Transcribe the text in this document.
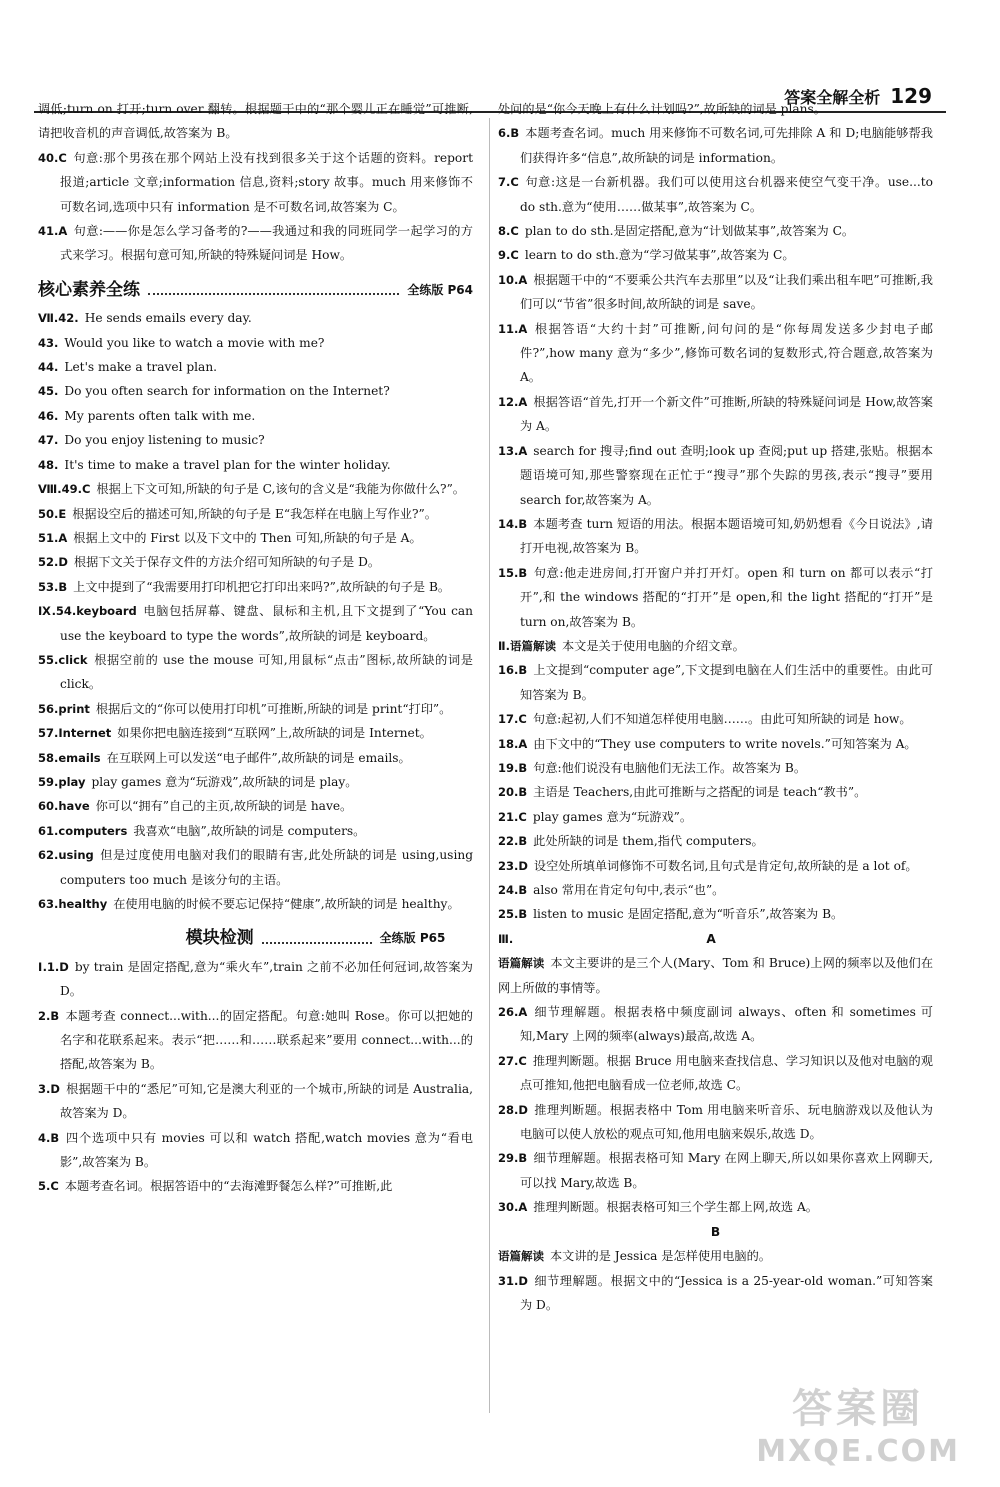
答案全解全析 129
调低;turn on 打开;turn over 翻转。根据题干中的“那个婴儿正在睡觉”可推断,请把收音机的声音调低,故答案为 B。
40.C 句意:那个男孩在那个网站上没有找到很多关于这个话题的资料。report 报道;article 文章;information 信息,资料;story 故事。much 用来修饰不可数名词,选项中只有 information 是不可数名词,故答案为 C。
41.A 句意:——你是怎么学习备考的?——我通过和我的同班同学一起学习的方式来学习。根据句意可知,所缺的特殊疑问词是 How。
核心素养全练	全练版 P64
Ⅶ.42. He sends emails every day.
43. Would you like to watch a movie with me?
44. Let's make a travel plan.
45. Do you often search for information on the Internet?
46. My parents often talk with me.
47. Do you enjoy listening to music?
48. It's time to make a travel plan for the winter holiday.
Ⅷ.49.C 根据上下文可知,所缺的句子是 C,该句的含义是“我能为你做什么?”。
50.E 根据设空后的描述可知,所缺的句子是 E“我怎样在电脑上写作业?”。
51.A 根据上文中的 First 以及下文中的 Then 可知,所缺的句子是 A。
52.D 根据下文关于保存文件的方法介绍可知所缺的句子是 D。
53.B 上文中提到了“我需要用打印机把它打印出来吗?”,故所缺的句子是 B。
Ⅸ.54.keyboard 电脑包括屏幕、键盘、鼠标和主机,且下文提到了“You can use the keyboard to type the words”,故所缺的词是 keyboard。
55.click 根据空前的 use the mouse 可知,用鼠标“点击”图标,故所缺的词是 click。
56.print 根据后文的“你可以使用打印机”可推断,所缺的词是 print“打印”。
57.Internet 如果你把电脑连接到“互联网”上,故所缺的词是 Internet。
58.emails 在互联网上可以发送“电子邮件”,故所缺的词是 emails。
59.play play games 意为“玩游戏”,故所缺的词是 play。
60.have 你可以“拥有”自己的主页,故所缺的词是 have。
61.computers 我喜欢“电脑”,故所缺的词是 computers。
62.using 但是过度使用电脑对我们的眼睛有害,此处所缺的词是 using,using computers too much 是该分句的主语。
63.healthy 在使用电脑的时候不要忘记保持“健康”,故所缺的词是 healthy。
模块检测	全练版 P65
Ⅰ.1.D by train 是固定搭配,意为“乘火车”,train 之前不必加任何冠词,故答案为 D。
2.B 本题考查 connect...with...的固定搭配。句意:她叫 Rose。你可以把她的名字和花联系起来。表示“把……和……联系起来”要用 connect...with...的搭配,故答案为 B。
3.D 根据题干中的“悉尼”可知,它是澳大利亚的一个城市,所缺的词是 Australia,故答案为 D。
4.B 四个选项中只有 movies 可以和 watch 搭配,watch movies 意为“看电影”,故答案为 B。
5.C 本题考查名词。根据答语中的“去海滩野餐怎么样?”可推断,此
处问的是“你今天晚上有什么计划吗?”,故所缺的词是 plans。
6.B 本题考查名词。much 用来修饰不可数名词,可先排除 A 和 D;电脑能够帮我们获得许多“信息”,故所缺的词是 information。
7.C 句意:这是一台新机器。我们可以使用这台机器来使空气变干净。use...to do sth.意为“使用……做某事”,故答案为 C。
8.C plan to do sth.是固定搭配,意为“计划做某事”,故答案为 C。
9.C learn to do sth.意为“学习做某事”,故答案为 C。
10.A 根据题干中的“不要乘公共汽车去那里”以及“让我们乘出租车吧”可推断,我们可以“节省”很多时间,故所缺的词是 save。
11.A 根据答语“大约十封”可推断,问句问的是“你每周发送多少封电子邮件?”,how many 意为“多少”,修饰可数名词的复数形式,符合题意,故答案为 A。
12.A 根据答语“首先,打开一个新文件”可推断,所缺的特殊疑问词是 How,故答案为 A。
13.A search for 搜寻;find out 查明;look up 查阅;put up 搭建,张贴。根据本题语境可知,那些警察现在正忙于“搜寻”那个失踪的男孩,表示“搜寻”要用 search for,故答案为 A。
14.B 本题考查 turn 短语的用法。根据本题语境可知,奶奶想看《今日说法》,请打开电视,故答案为 B。
15.B 句意:他走进房间,打开窗户并打开灯。open 和 turn on 都可以表示“打开”,和 the windows 搭配的“打开”是 open,和 the light 搭配的“打开”是 turn on,故答案为 B。
Ⅱ.语篇解读 本文是关于使用电脑的介绍文章。
16.B 上文提到“computer age”,下文提到电脑在人们生活中的重要性。由此可知答案为 B。
17.C 句意:起初,人们不知道怎样使用电脑……。由此可知所缺的词是 how。
18.A 由下文中的“They use computers to write novels.”可知答案为 A。
19.B 句意:他们说没有电脑他们无法工作。故答案为 B。
20.B 主语是 Teachers,由此可推断与之搭配的词是 teach“教书”。
21.C play games 意为“玩游戏”。
22.B 此处所缺的词是 them,指代 computers。
23.D 设空处所填单词修饰不可数名词,且句式是肯定句,故所缺的是 a lot of。
24.B also 常用在肯定句句中,表示“也”。
25.B listen to music 是固定搭配,意为“听音乐”,故答案为 B。
Ⅲ.	A
语篇解读 本文主要讲的是三个人(Mary、Tom 和 Bruce)上网的频率以及他们在网上所做的事情等。
26.A 细节理解题。根据表格中频度副词 always、often 和 sometimes 可知,Mary 上网的频率(always)最高,故选 A。
27.C 推理判断题。根据 Bruce 用电脑来查找信息、学习知识以及他对电脑的观点可推知,他把电脑看成一位老师,故选 C。
28.D 推理判断题。根据表格中 Tom 用电脑来听音乐、玩电脑游戏以及他认为电脑可以使人放松的观点可知,他用电脑来娱乐,故选 D。
29.B 细节理解题。根据表格可知 Mary 在网上聊天,所以如果你喜欢上网聊天,可以找 Mary,故选 B。
30.A 推理判断题。根据表格可知三个学生都上网,故选 A。
B
语篇解读 本文讲的是 Jessica 是怎样使用电脑的。
31.D 细节理解题。根据文中的“Jessica is a 25-year-old woman.”可知答案为 D。
答案圈
MXQE.COM
